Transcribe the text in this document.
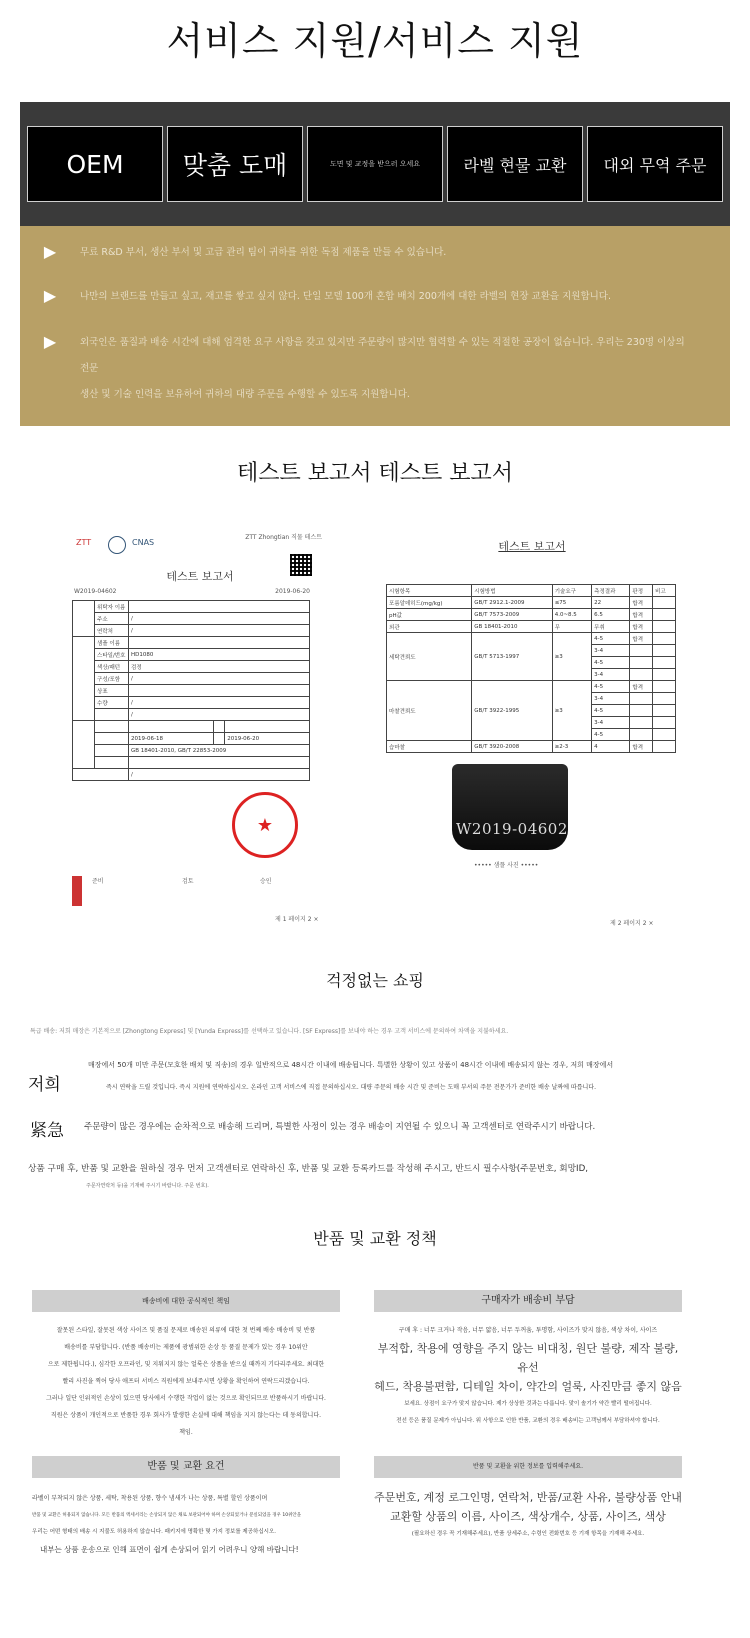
서비스 지원/서비스 지원
OEM	맞춤 도매	도면 및 교정을 받으러 오세요	라벨 현물 교환	대외 무역 주문
▶	무료 R&D 부서, 생산 부서 및 고급 관리 팀이 귀하를 위한 독점 제품을 만들 수 있습니다.
▶	나만의 브랜드를 만들고 싶고, 재고를 쌓고 싶지 않다. 단일 모델 100개 혼합 배치 200개에 대한 라벨의 현장 교환을 지원합니다.
▶	외국인은 품질과 배송 시간에 대해 엄격한 요구 사항을 갖고 있지만 주문량이 많지만 협력할 수 있는 적절한 공장이 없습니다. 우리는 230명 이상의 전문
생산 및 기술 인력을 보유하여 귀하의 대량 주문을 수행할 수 있도록 지원합니다.
테스트 보고서 테스트 보고서
ZTT	CNAS
ZTT Zhongtian 직물 테스트
테스트 보고서
W2019-04602	2019-06-20
	위탁자 이름			
	주소	/		
	연락처	/		
	샘플 이름			
	스타일/번호	HD1080		
	색상/패턴	검정		
	구성/포함	/		
	상표			
	수량	/		
		/		

		2019-06-18		2019-06-20
		GB 18401-2010, GB/T 22853-2009		

		/		
★
준비	검토	승인
제 1 페이지 2 ×
테스트 보고서
시험항목	시험방법	기술요구	측정결과	판정	비고
포름알데히드(mg/kg)	GB/T 2912.1-2009	≤75	22	합격	
pH값	GB/T 7573-2009	4.0~8.5	6.5	합격	
외관	GB 18401-2010	무	무취	합격	
세탁견뢰도	GB/T 5713-1997	≥3	4-5	합격	
			3-4		
			4-5		
			3-4		
마찰견뢰도	GB/T 3922-1995	≥3	4-5	합격	
			3-4		
			4-5		
			3-4		
			4-5		
습마찰	GB/T 3920-2008	≥2-3	4	합격	
W2019-04602
••••• 샘플 사진 •••••
제 2 페이지 2 ×
걱정없는 쇼핑
특급 배송: 저희 매장은 기본적으로 [Zhongtong Express] 및 [Yunda Express]를 선택하고 있습니다. [SF Express]를 보내야 하는 경우 고객 서비스에 문의하여 차액을 지불하세요.
저희
매장에서 50개 미만 주문(모호한 배치 및 직송)의 경우 일반적으로 48시간 이내에 배송됩니다. 특별한 상황이 있고 상품이 48시간 이내에 배송되지 않는 경우, 저희 매장에서
즉시 연락을 드릴 것입니다. 즉시 지원에 연락하십시오. 온라인 고객 서비스에 직접 문의하십시오. 대량 주문의 배송 시간 및 준비는 도매 부서의 주문 전문가가 준비한 배송 날짜에 따릅니다.
紧急 주문량이 많은 경우에는 순차적으로 배송해 드리며, 특별한 사정이 있는 경우 배송이 지연될 수 있으니 꼭 고객센터로 연락주시기 바랍니다.
상품 구매 후, 반품 및 교환을 원하실 경우 먼저 고객센터로 연락하신 후, 반품 및 교환 등록카드를 작성해 주시고, 반드시 필수사항(주문번호, 회망ID,
주문자연락처 등)을 기재해 주시기 바랍니다. 주문 번호).
반품 및 교환 정책
배송비에 대한 공식적인 책임
잘못된 스타일, 잘못된 색상 사이즈 및 품질 문제로 배송된 의류에 대한 첫 번째 배송 배송비 및 반품
배송비를 부담합니다. (반품 배송비는 제품에 광범위한 손상 등 품질 문제가 있는 경우 10위안
으로 제한됩니다.), 심각한 오프라인, 및 지워지지 않는 얼룩은 상품을 받으실 때까지 기다리주세요. 최대한
빨리 사진을 찍어 당사 애프터 서비스 직원에게 보내주시면 상황을 확인하여 연락드리겠습니다.
그러나 일단 인위적인 손상이 있으면 당사에서 수행한 작업이 없는 것으로 확인되므로 반품하시기 바랍니다.
직원은 상품이 개인적으로 반품한 경우 회사가 발생한 손실에 대해 책임을 지지 않는다는 데 동의합니다.
책임.
구매자가 배송비 부담
구매 후 : 너무 크거나 작음, 너무 얇음, 너무 두꺼움, 투명함, 사이즈가 맞지 않음, 색상 차이, 사이즈
부적합, 착용에 영향을 주지 않는 비대칭, 원단 불량, 제작 불량, 유선
헤드, 착용불편함, 디테일 차이, 약간의 얼룩, 사진만큼 좋지 않음
보세요. 상점이 요구가 맞지 않습니다. 제가 상상한 것과는 다릅니다. 맞이 솔기가 약간 빨리 떨어집니다.
전선 등은 품질 문제가 아닙니다. 위 사항으로 인한 반품, 교환의 경우 배송비는 고객님께서 부담하셔야 합니다.
반품 및 교환 요건
라벨이 부착되지 않은 상품, 세탁, 착용된 상품, 향수 냄새가 나는 상품, 특별 할인 상품이며
반품 및 교환은 허용되지 않습니다. 모든 반품의 액세서리는 손상되지 않은 채로 보관되어야 하며 손상되었거나 분실되었을 경우 10위안을
우리는 어떤 형태의 배송 시 지불도 허용하지 않습니다. 패키지에 명확한 몇 가지 정보를 제공하십시오.
내부는 상품 운송으로 인해 표면이 쉽게 손상되어 읽기 어려우니 양해 바랍니다!
반품 및 교환을 위한 정보를 입력해주세요.
주문번호, 계정 로그인명, 연락처, 반품/교환 사유, 불량상품 안내
교환할 상품의 이름, 사이즈, 색상개수, 상품, 사이즈, 색상
(필요하신 경우 꼭 기재해주세요), 반품 상세주소, 수령인 전화번호 등 기재 항목을 기재해 주세요.
